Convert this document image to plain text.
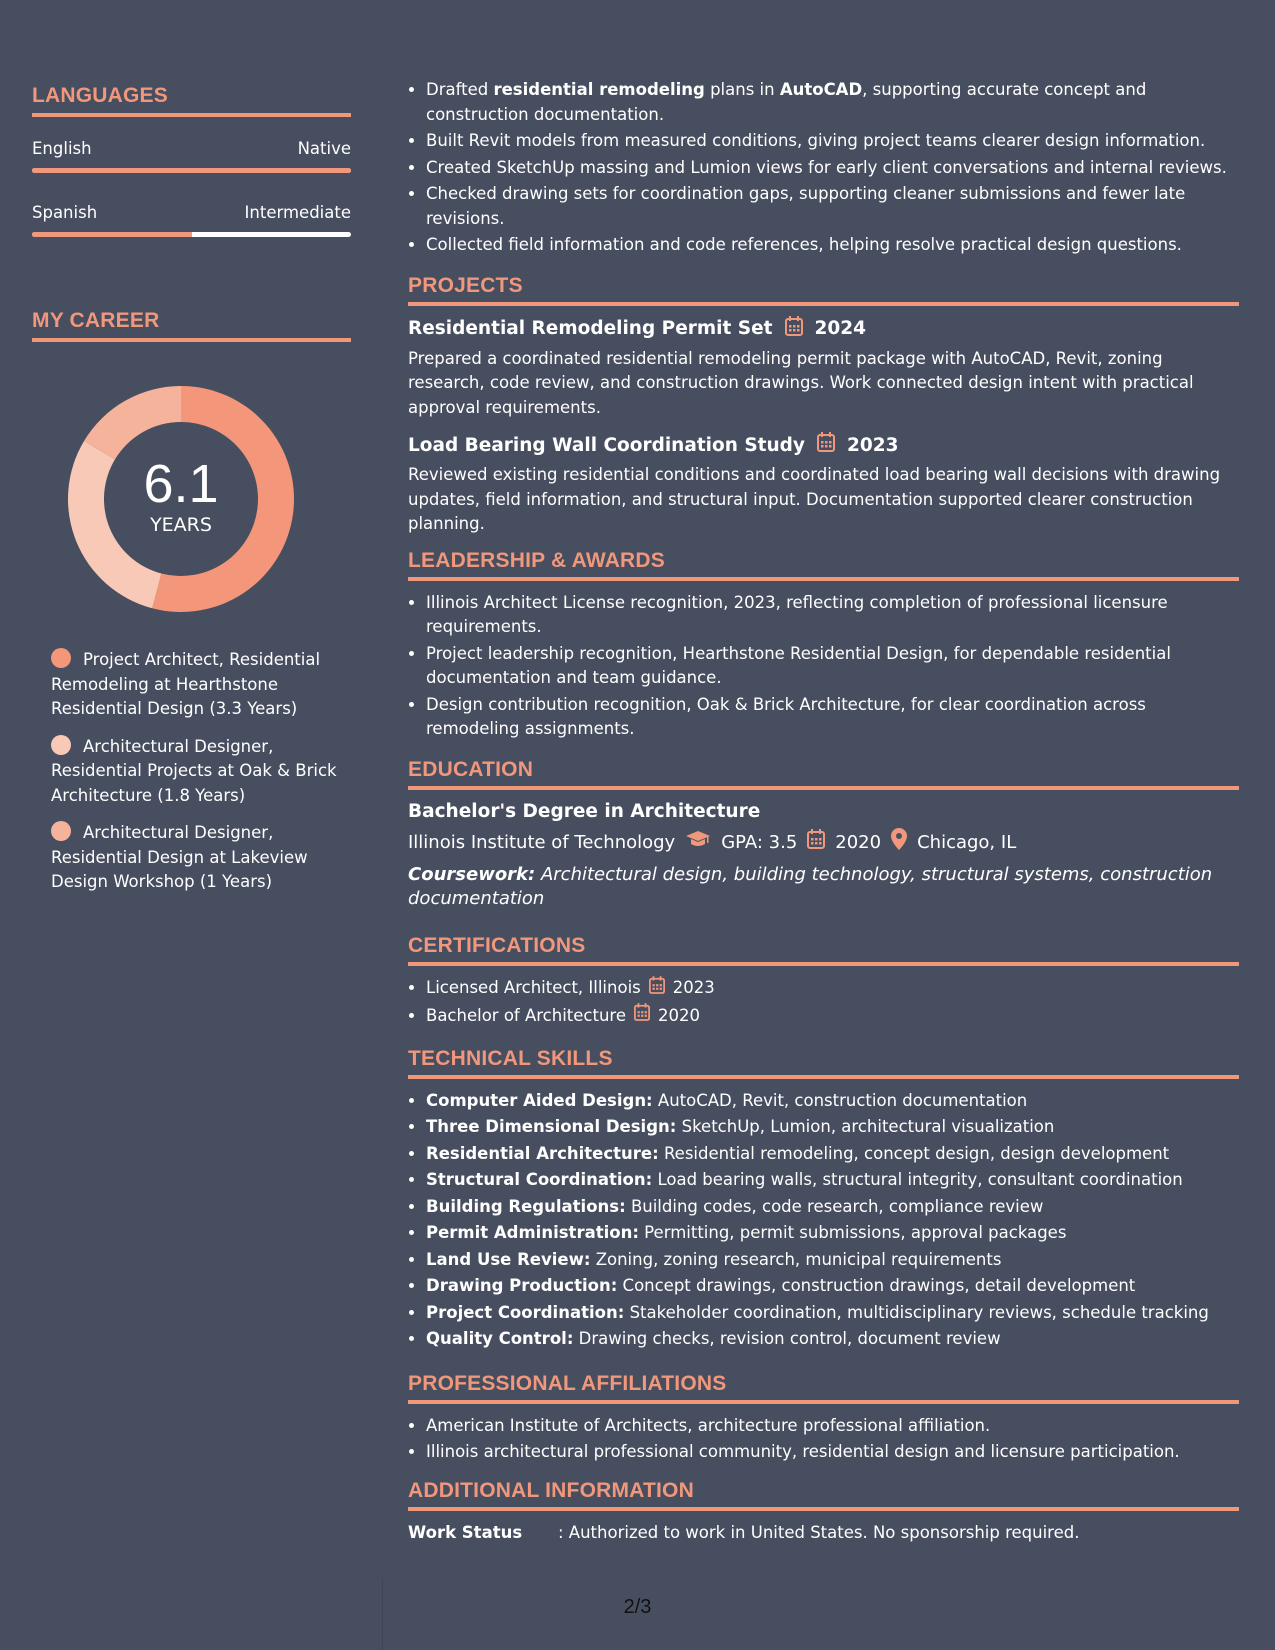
LANGUAGES
English	Native
Spanish	Intermediate
MY CAREER
6.1
YEARS
Project Architect, Residential Remodeling at Hearthstone Residential Design (3.3 Years)
Architectural Designer, Residential Projects at Oak & Brick Architecture (1.8 Years)
Architectural Designer, Residential Design at Lakeview Design Workshop (1 Years)
• Drafted residential remodeling plans in AutoCAD, supporting accurate concept and construction documentation.
• Built Revit models from measured conditions, giving project teams clearer design information.
• Created SketchUp massing and Lumion views for early client conversations and internal reviews.
• Checked drawing sets for coordination gaps, supporting cleaner submissions and fewer late revisions.
• Collected field information and code references, helping resolve practical design questions.
PROJECTS
Residential Remodeling Permit Set 2024

Prepared a coordinated residential remodeling permit package with AutoCAD, Revit, zoning research, code review, and construction drawings. Work connected design intent with practical approval requirements.

Load Bearing Wall Coordination Study 2023

Reviewed existing residential conditions and coordinated load bearing wall decisions with drawing updates, field information, and structural input. Documentation supported clearer construction planning.

LEADERSHIP & AWARDS
• Illinois Architect License recognition, 2023, reflecting completion of professional licensure requirements.
• Project leadership recognition, Hearthstone Residential Design, for dependable residential documentation and team guidance.
• Design contribution recognition, Oak & Brick Architecture, for clear coordination across remodeling assignments.
EDUCATION
Bachelor's Degree in Architecture
Illinois Institute of Technology	GPA: 3.5 2020 Chicago, IL
Coursework: Architectural design, building technology, structural systems, construction documentation
CERTIFICATIONS
• Licensed Architect, Illinois 2023
• Bachelor of Architecture 2020
TECHNICAL SKILLS
• Computer Aided Design: AutoCAD, Revit, construction documentation
• Three Dimensional Design: SketchUp, Lumion, architectural visualization
• Residential Architecture: Residential remodeling, concept design, design development
• Structural Coordination: Load bearing walls, structural integrity, consultant coordination
• Building Regulations: Building codes, code research, compliance review
• Permit Administration: Permitting, permit submissions, approval packages
• Land Use Review: Zoning, zoning research, municipal requirements
• Drawing Production: Concept drawings, construction drawings, detail development
• Project Coordination: Stakeholder coordination, multidisciplinary reviews, schedule tracking
• Quality Control: Drawing checks, revision control, document review
PROFESSIONAL AFFILIATIONS
• American Institute of Architects, architecture professional affiliation.
• Illinois architectural professional community, residential design and licensure participation.
ADDITIONAL INFORMATION
Work Status	: Authorized to work in United States. No sponsorship required.
2/3
